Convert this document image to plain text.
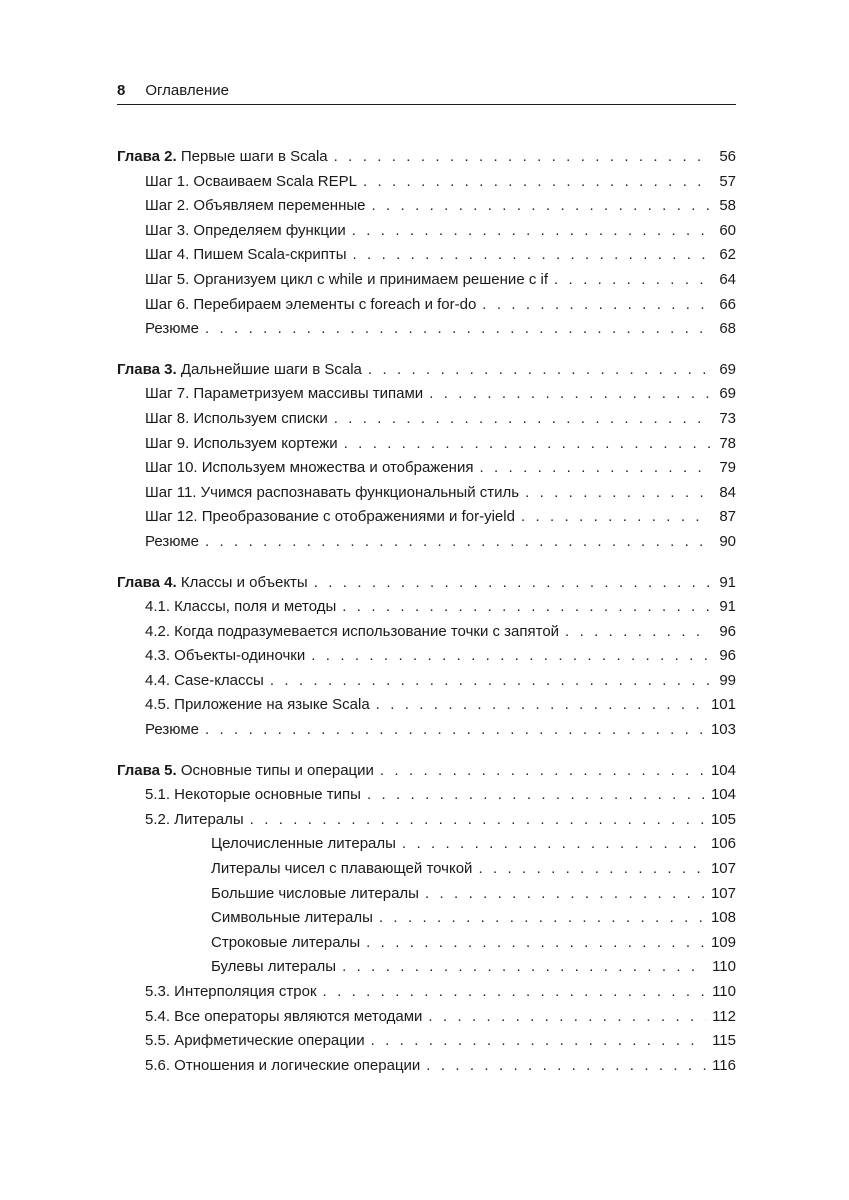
8 Оглавление
Глава 2. Первые шаги в Scala . . .	56
Шаг 1. Осваиваем Scala REPL . . .	57
Шаг 2. Объявляем переменные . . .	58
Шаг 3. Определяем функции . . .	60
Шаг 4. Пишем Scala-скрипты . . .	62
Шаг 5. Организуем цикл с while и принимаем решение с if . . .	64
Шаг 6. Перебираем элементы с foreach и for-do . . .	66
Резюме . . .	68
Глава 3. Дальнейшие шаги в Scala . . .	69
Шаг 7. Параметризуем массивы типами . . .	69
Шаг 8. Используем списки . . .	73
Шаг 9. Используем кортежи . . .	78
Шаг 10. Используем множества и отображения . . .	79
Шаг 11. Учимся распознавать функциональный стиль . . .	84
Шаг 12. Преобразование с отображениями и for-yield . . .	87
Резюме . . .	90
Глава 4. Классы и объекты . . .	91
4.1. Классы, поля и методы . . .	91
4.2. Когда подразумевается использование точки с запятой . . .	96
4.3. Объекты-одиночки . . .	96
4.4. Case-классы . . .	99
4.5. Приложение на языке Scala . . .	101
Резюме . . .	103
Глава 5. Основные типы и операции . . .	104
5.1. Некоторые основные типы . . .	104
5.2. Литералы . . .	105
Целочисленные литералы . . .	106
Литералы чисел с плавающей точкой . . .	107
Большие числовые литералы . . .	107
Символьные литералы . . .	108
Строковые литералы . . .	109
Булевы литералы . . .	110
5.3. Интерполяция строк . . .	110
5.4. Все операторы являются методами . . .	112
5.5. Арифметические операции . . .	115
5.6. Отношения и логические операции . . .	116
